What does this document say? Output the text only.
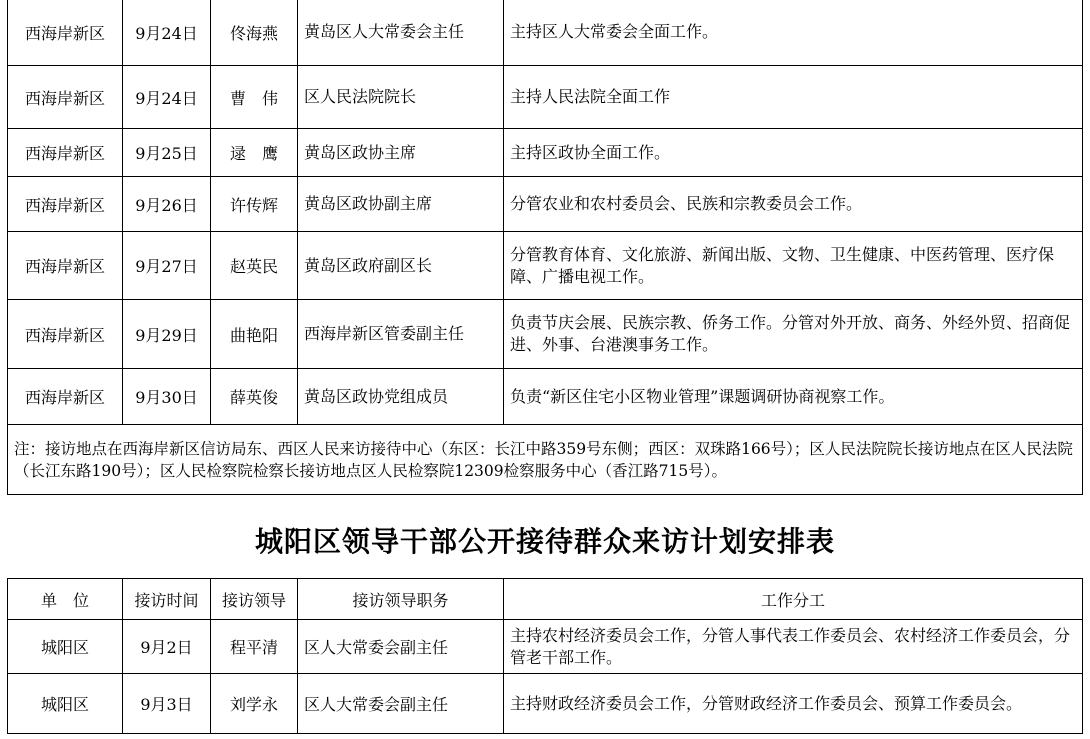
西海岸新区	9月24日	佟海燕	黄岛区人大常委会主任	主持区人大常委会全面工作。
西海岸新区	9月24日	曹　伟	区人民法院院长	主持人民法院全面工作
西海岸新区	9月25日	逯　鹰	黄岛区政协主席	主持区政协全面工作。
西海岸新区	9月26日	许传辉	黄岛区政协副主席	分管农业和农村委员会、民族和宗教委员会工作。
西海岸新区	9月27日	赵英民	黄岛区政府副区长	分管教育体育、文化旅游、新闻出版、文物、卫生健康、中医药管理、医疗保障、广播电视工作。
西海岸新区	9月29日	曲艳阳	西海岸新区管委副主任	负责节庆会展、民族宗教、侨务工作。分管对外开放、商务、外经外贸、招商促进、外事、台港澳事务工作。
西海岸新区	9月30日	薛英俊	黄岛区政协党组成员	负责“新区住宅小区物业管理”课题调研协商视察工作。
注：接访地点在西海岸新区信访局东、西区人民来访接待中心（东区：长江中路359号东侧；西区：双珠路166号）；区人民法院院长接访地点在区人民法院（长江东路190号）；区人民检察院检察长接访地点区人民检察院12309检察服务中心（香江路715号）。				
城阳区领导干部公开接待群众来访计划安排表
单　位	接访时间	接访领导	接访领导职务	工作分工
城阳区	9月2日	程平清	区人大常委会副主任	主持农村经济委员会工作，分管人事代表工作委员会、农村经济工作委员会，分管老干部工作。
城阳区	9月3日	刘学永	区人大常委会副主任	主持财政经济委员会工作，分管财政经济工作委员会、预算工作委员会。
